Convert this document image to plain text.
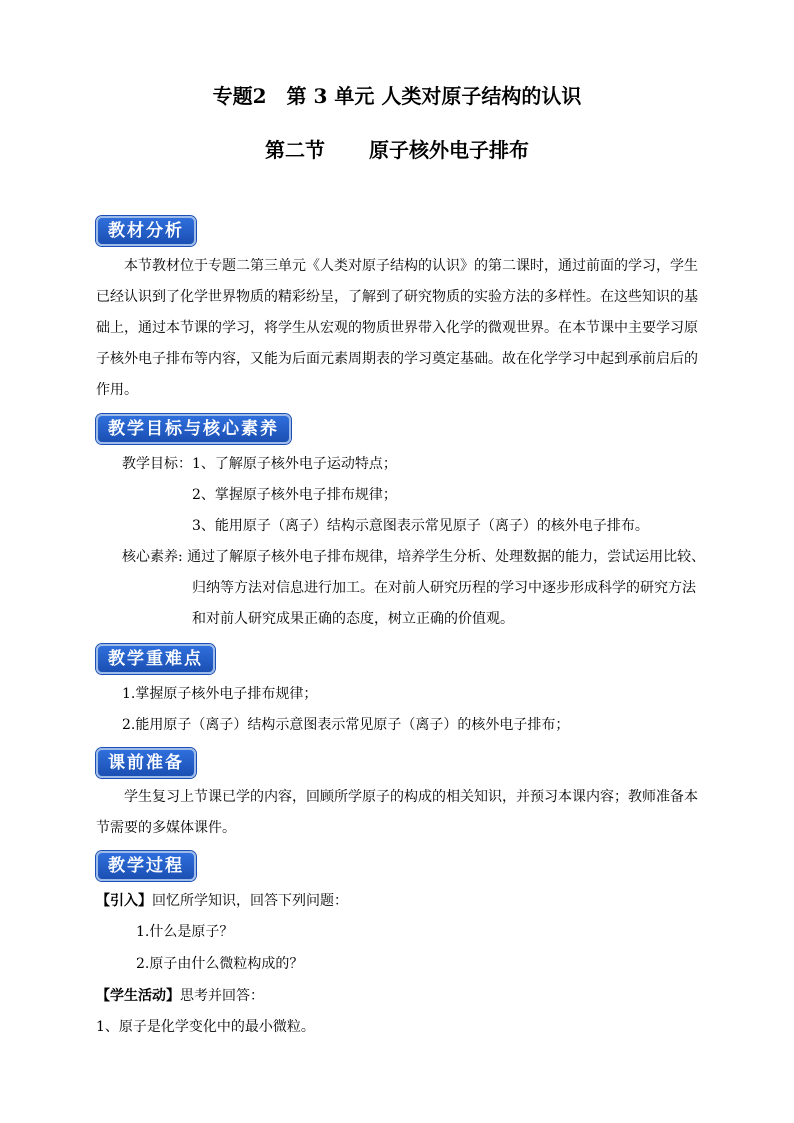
专题2　第 3 单元 人类对原子结构的认识
第二节 原子核外电子排布
教材分析

本节教材位于专题二第三单元《人类对原子结构的认识》的第二课时，通过前面的学习，学生已经认识到了化学世界物质的精彩纷呈，了解到了研究物质的实验方法的多样性。在这些知识的基础上，通过本节课的学习，将学生从宏观的物质世界带入化学的微观世界。在本节课中主要学习原子核外电子排布等内容，又能为后面元素周期表的学习奠定基础。故在化学学习中起到承前启后的作用。

教学目标与核心素养

教学目标：1、了解原子核外电子运动特点；

2、掌握原子核外电子排布规律；

3、能用原子（离子）结构示意图表示常见原子（离子）的核外电子排布。

核心素养: 通过了解原子核外电子排布规律，培养学生分析、处理数据的能力，尝试运用比较、

归纳等方法对信息进行加工。在对前人研究历程的学习中逐步形成科学的研究方法

和对前人研究成果正确的态度，树立正确的价值观。

教学重难点

1.掌握原子核外电子排布规律；

2.能用原子（离子）结构示意图表示常见原子（离子）的核外电子排布；

课前准备

学生复习上节课已学的内容，回顾所学原子的构成的相关知识，并预习本课内容；教师准备本节需要的多媒体课件。

教学过程

【引入】回忆所学知识，回答下列问题：

1.什么是原子？

2.原子由什么微粒构成的？

【学生活动】思考并回答：

1、原子是化学变化中的最小微粒。
